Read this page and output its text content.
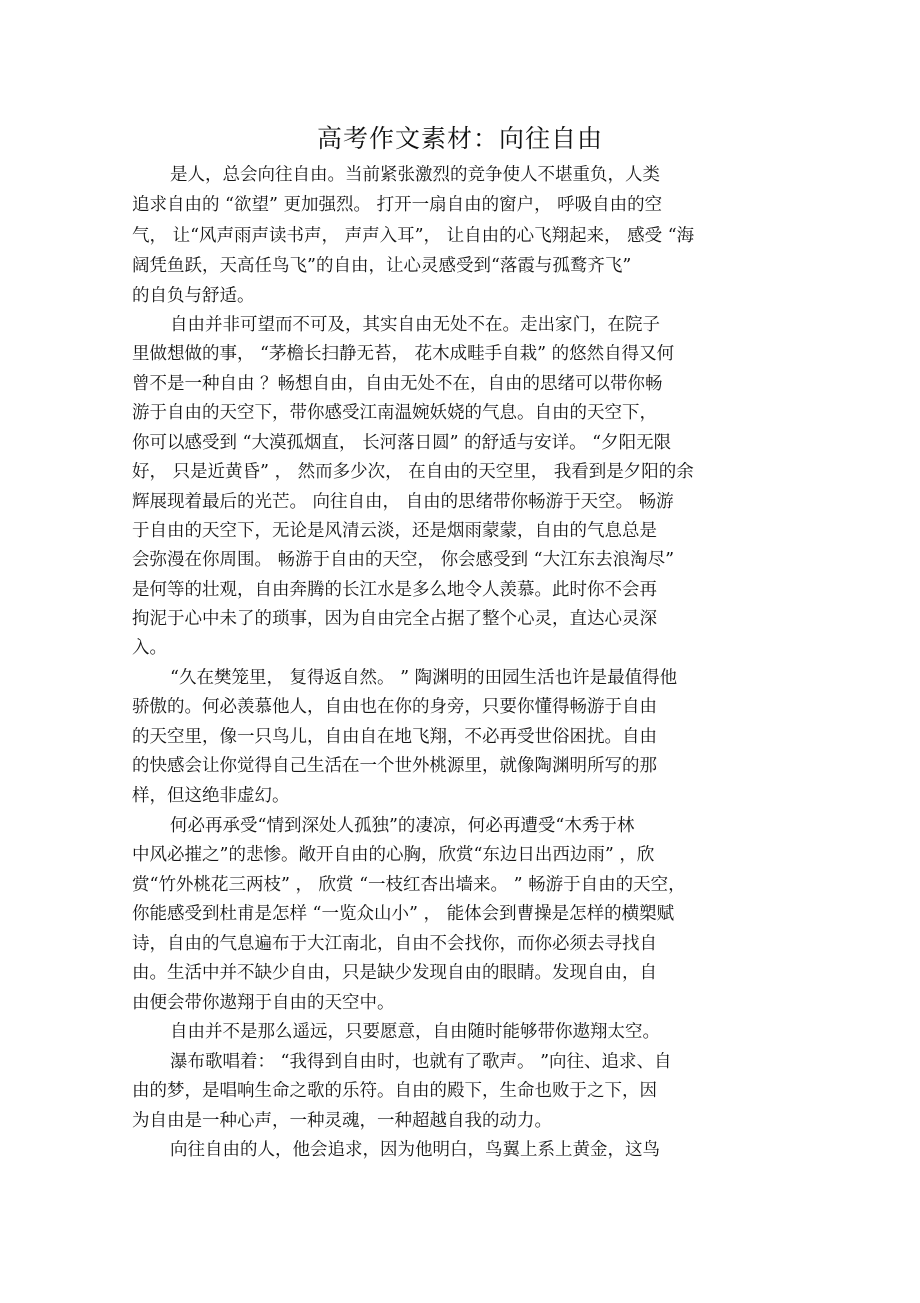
高考作文素材：向往自由
是人，总会向往自由。当前紧张激烈的竞争使人不堪重负，人类
追求自由的 “欲望” 更加强烈。 打开一扇自由的窗户， 呼吸自由的空
气， 让“风声雨声读书声， 声声入耳”， 让自由的心飞翔起来， 感受 “海
阔凭鱼跃，天高任鸟飞”的自由，让心灵感受到“落霞与孤鹜齐飞”
的自负与舒适。
自由并非可望而不可及，其实自由无处不在。走出家门，在院子
里做想做的事， “茅檐长扫静无苔， 花木成畦手自栽” 的悠然自得又何
曾不是一种自由 ？畅想自由，自由无处不在，自由的思绪可以带你畅
游于自由的天空下，带你感受江南温婉妖娆的气息。自由的天空下，
你可以感受到 “大漠孤烟直， 长河落日圆” 的舒适与安详。 “夕阳无限
好， 只是近黄昏” ， 然而多少次， 在自由的天空里， 我看到是夕阳的余
辉展现着最后的光芒。 向往自由， 自由的思绪带你畅游于天空。 畅游
于自由的天空下，无论是风清云淡，还是烟雨蒙蒙，自由的气息总是
会弥漫在你周围。 畅游于自由的天空， 你会感受到 “大江东去浪淘尽”
是何等的壮观，自由奔腾的长江水是多么地令人羡慕。此时你不会再
拘泥于心中未了的琐事，因为自由完全占据了整个心灵，直达心灵深
入。
“久在樊笼里， 复得返自然。 ” 陶渊明的田园生活也许是最值得他
骄傲的。何必羡慕他人，自由也在你的身旁，只要你懂得畅游于自由
的天空里，像一只鸟儿，自由自在地飞翔，不必再受世俗困扰。自由
的快感会让你觉得自己生活在一个世外桃源里，就像陶渊明所写的那
样，但这绝非虚幻。
何必再承受“情到深处人孤独”的凄凉，何必再遭受“木秀于林
中风必摧之”的悲惨。敞开自由的心胸，欣赏“东边日出西边雨” ，欣
赏“竹外桃花三两枝” ， 欣赏 “一枝红杏出墙来。 ” 畅游于自由的天空，
你能感受到杜甫是怎样 “一览众山小” ， 能体会到曹操是怎样的横槊赋
诗，自由的气息遍布于大江南北，自由不会找你，而你必须去寻找自
由。生活中并不缺少自由，只是缺少发现自由的眼睛。发现自由，自
由便会带你遨翔于自由的天空中。
自由并不是那么遥远，只要愿意，自由随时能够带你遨翔太空。
瀑布歌唱着： “我得到自由时，也就有了歌声。 ”向往、追求、自
由的梦，是唱响生命之歌的乐符。自由的殿下，生命也败于之下，因
为自由是一种心声，一种灵魂，一种超越自我的动力。
向往自由的人，他会追求，因为他明白，鸟翼上系上黄金，这鸟
